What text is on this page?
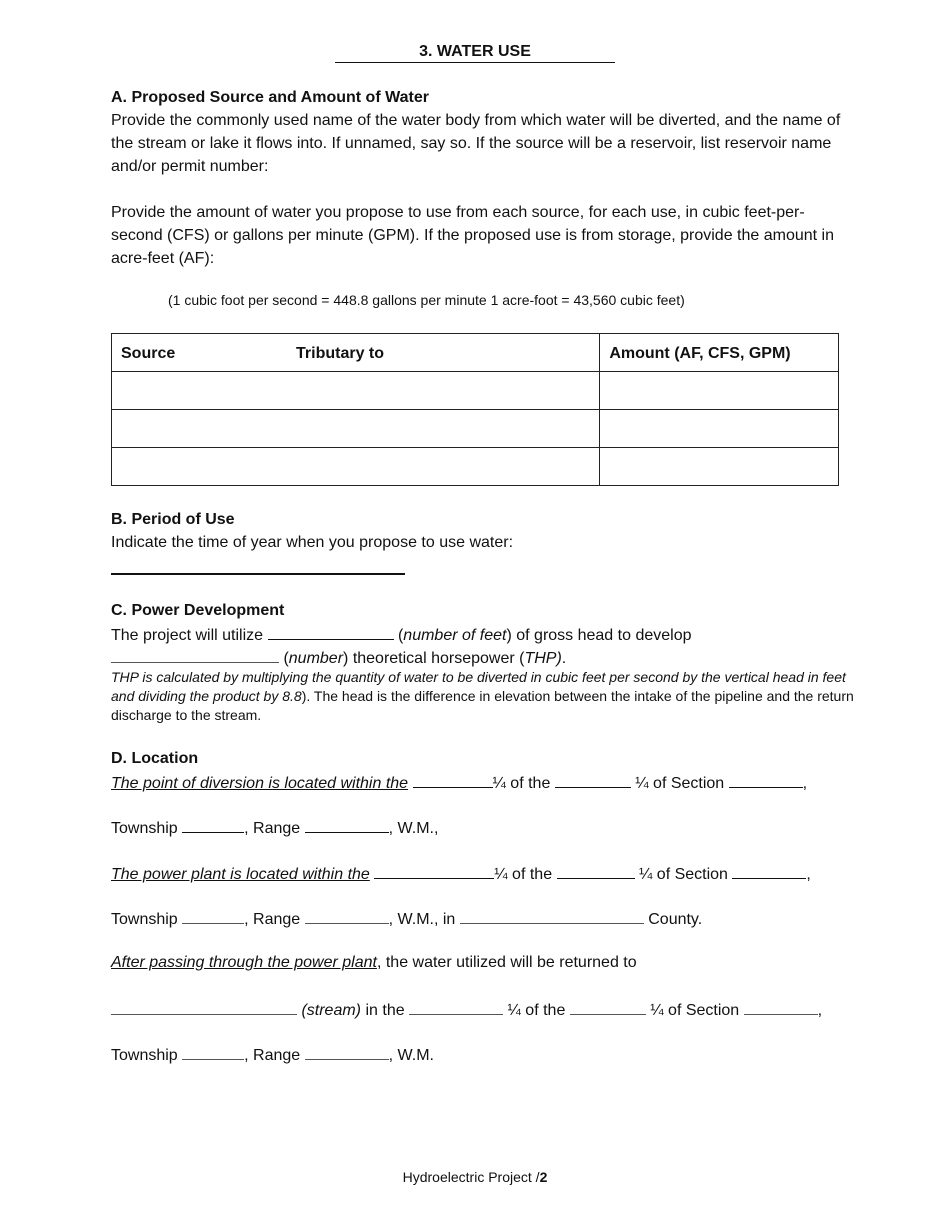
3. WATER USE
A. Proposed Source and Amount of Water
Provide the commonly used name of the water body from which water will be diverted, and the name of the stream or lake it flows into. If unnamed, say so. If the source will be a reservoir, list reservoir name and/or permit number:
Provide the amount of water you propose to use from each source, for each use, in cubic feet-per-second (CFS) or gallons per minute (GPM). If the proposed use is from storage, provide the amount in acre-feet (AF):
(1 cubic foot per second = 448.8 gallons per minute 1 acre-foot = 43,560 cubic feet)
Source Tributary to	Amount (AF, CFS, GPM)

B. Period of Use
Indicate the time of year when you propose to use water:
C. Power Development
The project will utilize	(number of feet) of gross head to develop
(number) theoretical horsepower (THP).
THP is calculated by multiplying the quantity of water to be diverted in cubic feet per second by the vertical head in feet and dividing the product by 8.8). The head is the difference in elevation between the intake of the pipeline and the return discharge to the stream.
D. Location
The point of diversion is located within the	¼ of the	¼ of Section	,
Township	, Range	, W.M.,
The power plant is located within the	¼ of the	¼ of Section	,
Township	, Range	, W.M., in	County.
After passing through the power plant, the water utilized will be returned to
(stream) in the	¼ of the	¼ of Section	,
Township	, Range	, W.M.
Hydroelectric Project /2
